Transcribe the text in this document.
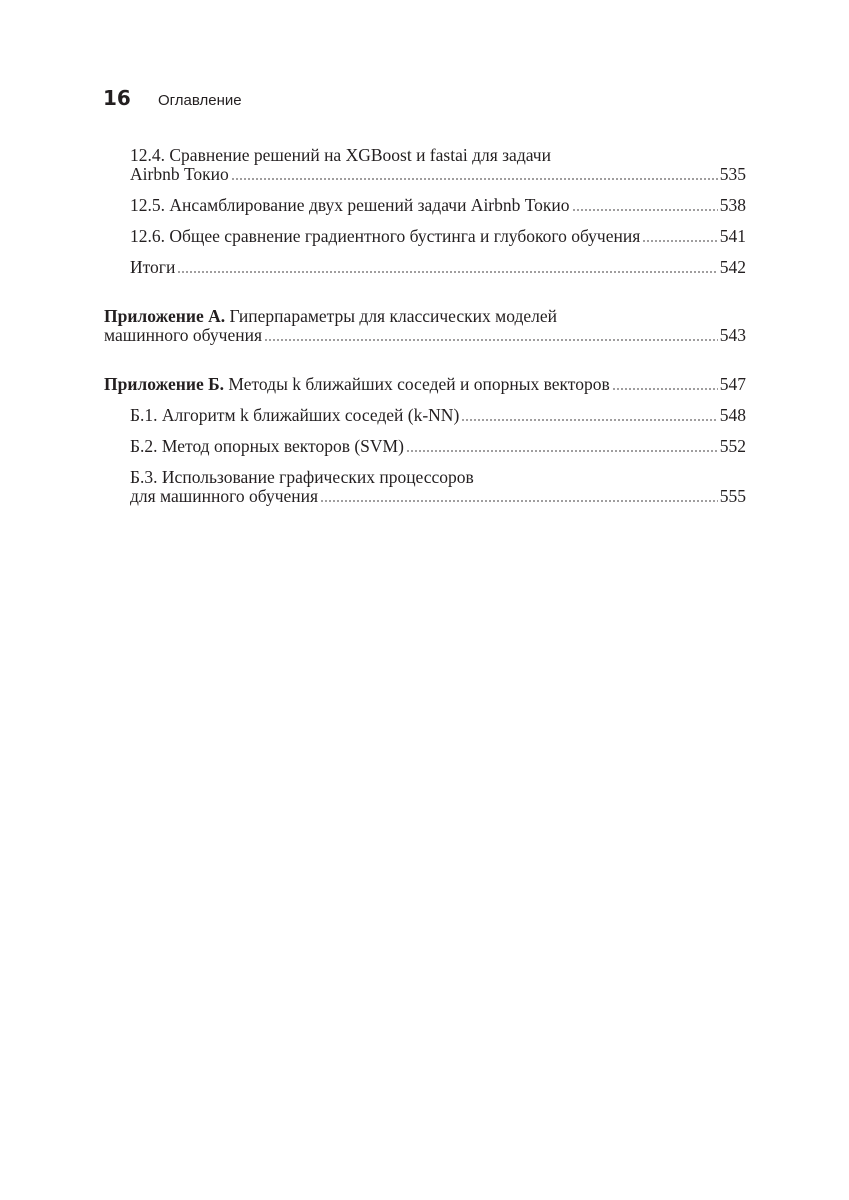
16	Оглавление
12.4. Сравнение решений на XGBoost и fastai для задачи
Airbnb Токио	535
12.5. Ансамблирование двух решений задачи Airbnb Токио	538
12.6. Общее сравнение градиентного бустинга и глубокого обучения	541
Итоги	542
Приложение А. Гиперпараметры для классических моделей
машинного обучения	543
Приложение Б. Методы k ближайших соседей и опорных векторов	547
Б.1. Алгоритм k ближайших соседей (k-NN)	548
Б.2. Метод опорных векторов (SVM)	552
Б.3. Использование графических процессоров
для машинного обучения	555
